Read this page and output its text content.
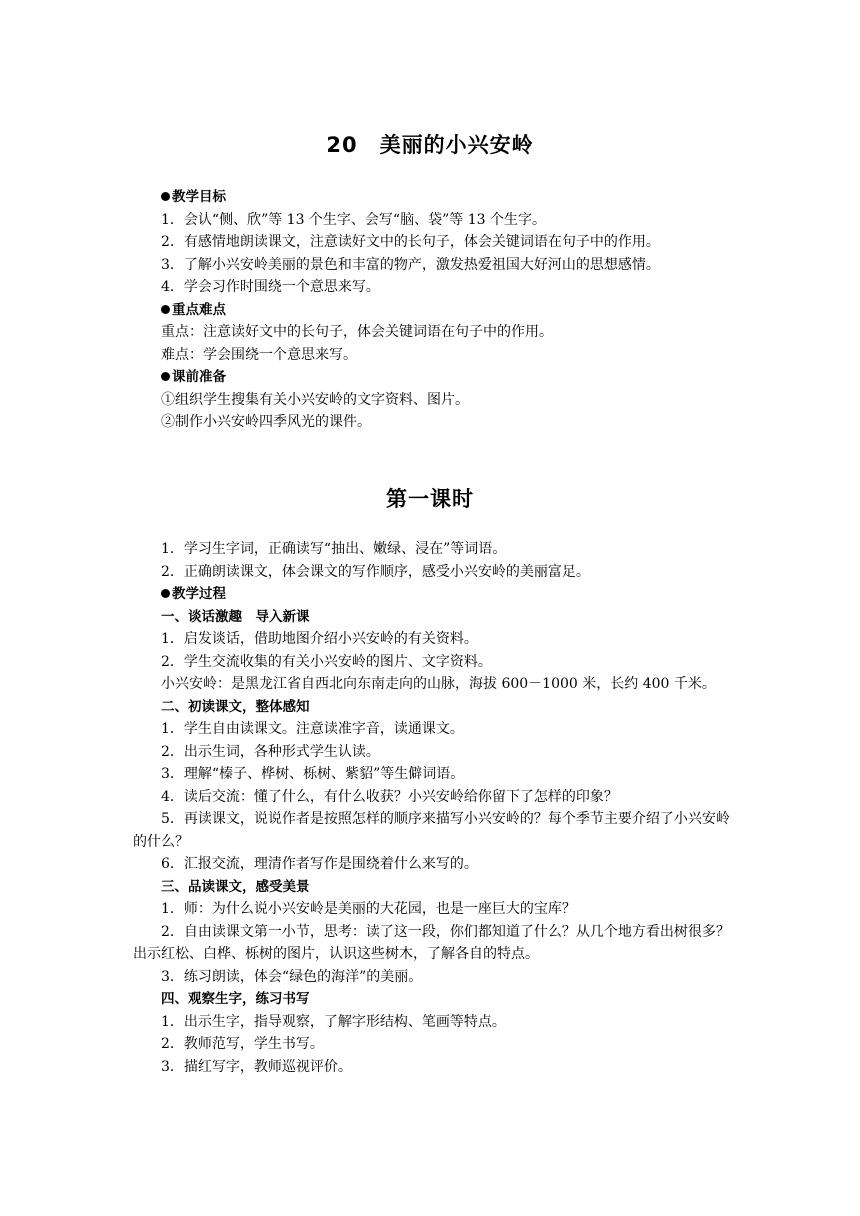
20　美丽的小兴安岭
教学目标
1．会认“侧、欣”等 13 个生字、会写“脑、袋”等 13 个生字。
2．有感情地朗读课文，注意读好文中的长句子，体会关键词语在句子中的作用。
3．了解小兴安岭美丽的景色和丰富的物产，激发热爱祖国大好河山的思想感情。
4．学会习作时围绕一个意思来写。
重点难点
重点：注意读好文中的长句子，体会关键词语在句子中的作用。
难点：学会围绕一个意思来写。
课前准备
①组织学生搜集有关小兴安岭的文字资料、图片。
②制作小兴安岭四季风光的课件。
第一课时
1．学习生字词，正确读写“抽出、嫩绿、浸在”等词语。
2．正确朗读课文，体会课文的写作顺序，感受小兴安岭的美丽富足。
教学过程
一、谈话激趣　导入新课
1．启发谈话，借助地图介绍小兴安岭的有关资料。
2．学生交流收集的有关小兴安岭的图片、文字资料。
小兴安岭：是黑龙江省自西北向东南走向的山脉，海拔 600－1000 米，长约 400 千米。
二、初读课文，整体感知
1．学生自由读课文。注意读准字音，读通课文。
2．出示生词，各种形式学生认读。
3．理解“榛子、桦树、栎树、紫貂”等生僻词语。
4．读后交流：懂了什么，有什么收获？小兴安岭给你留下了怎样的印象？
5．再读课文，说说作者是按照怎样的顺序来描写小兴安岭的？每个季节主要介绍了小兴安岭的什么？
6．汇报交流，理清作者写作是围绕着什么来写的。
三、品读课文，感受美景
1．师：为什么说小兴安岭是美丽的大花园，也是一座巨大的宝库？
2．自由读课文第一小节，思考：读了这一段，你们都知道了什么？从几个地方看出树很多？出示红松、白桦、栎树的图片，认识这些树木，了解各自的特点。
3．练习朗读，体会“绿色的海洋”的美丽。
四、观察生字，练习书写
1．出示生字，指导观察，了解字形结构、笔画等特点。
2．教师范写，学生书写。
3．描红写字，教师巡视评价。
